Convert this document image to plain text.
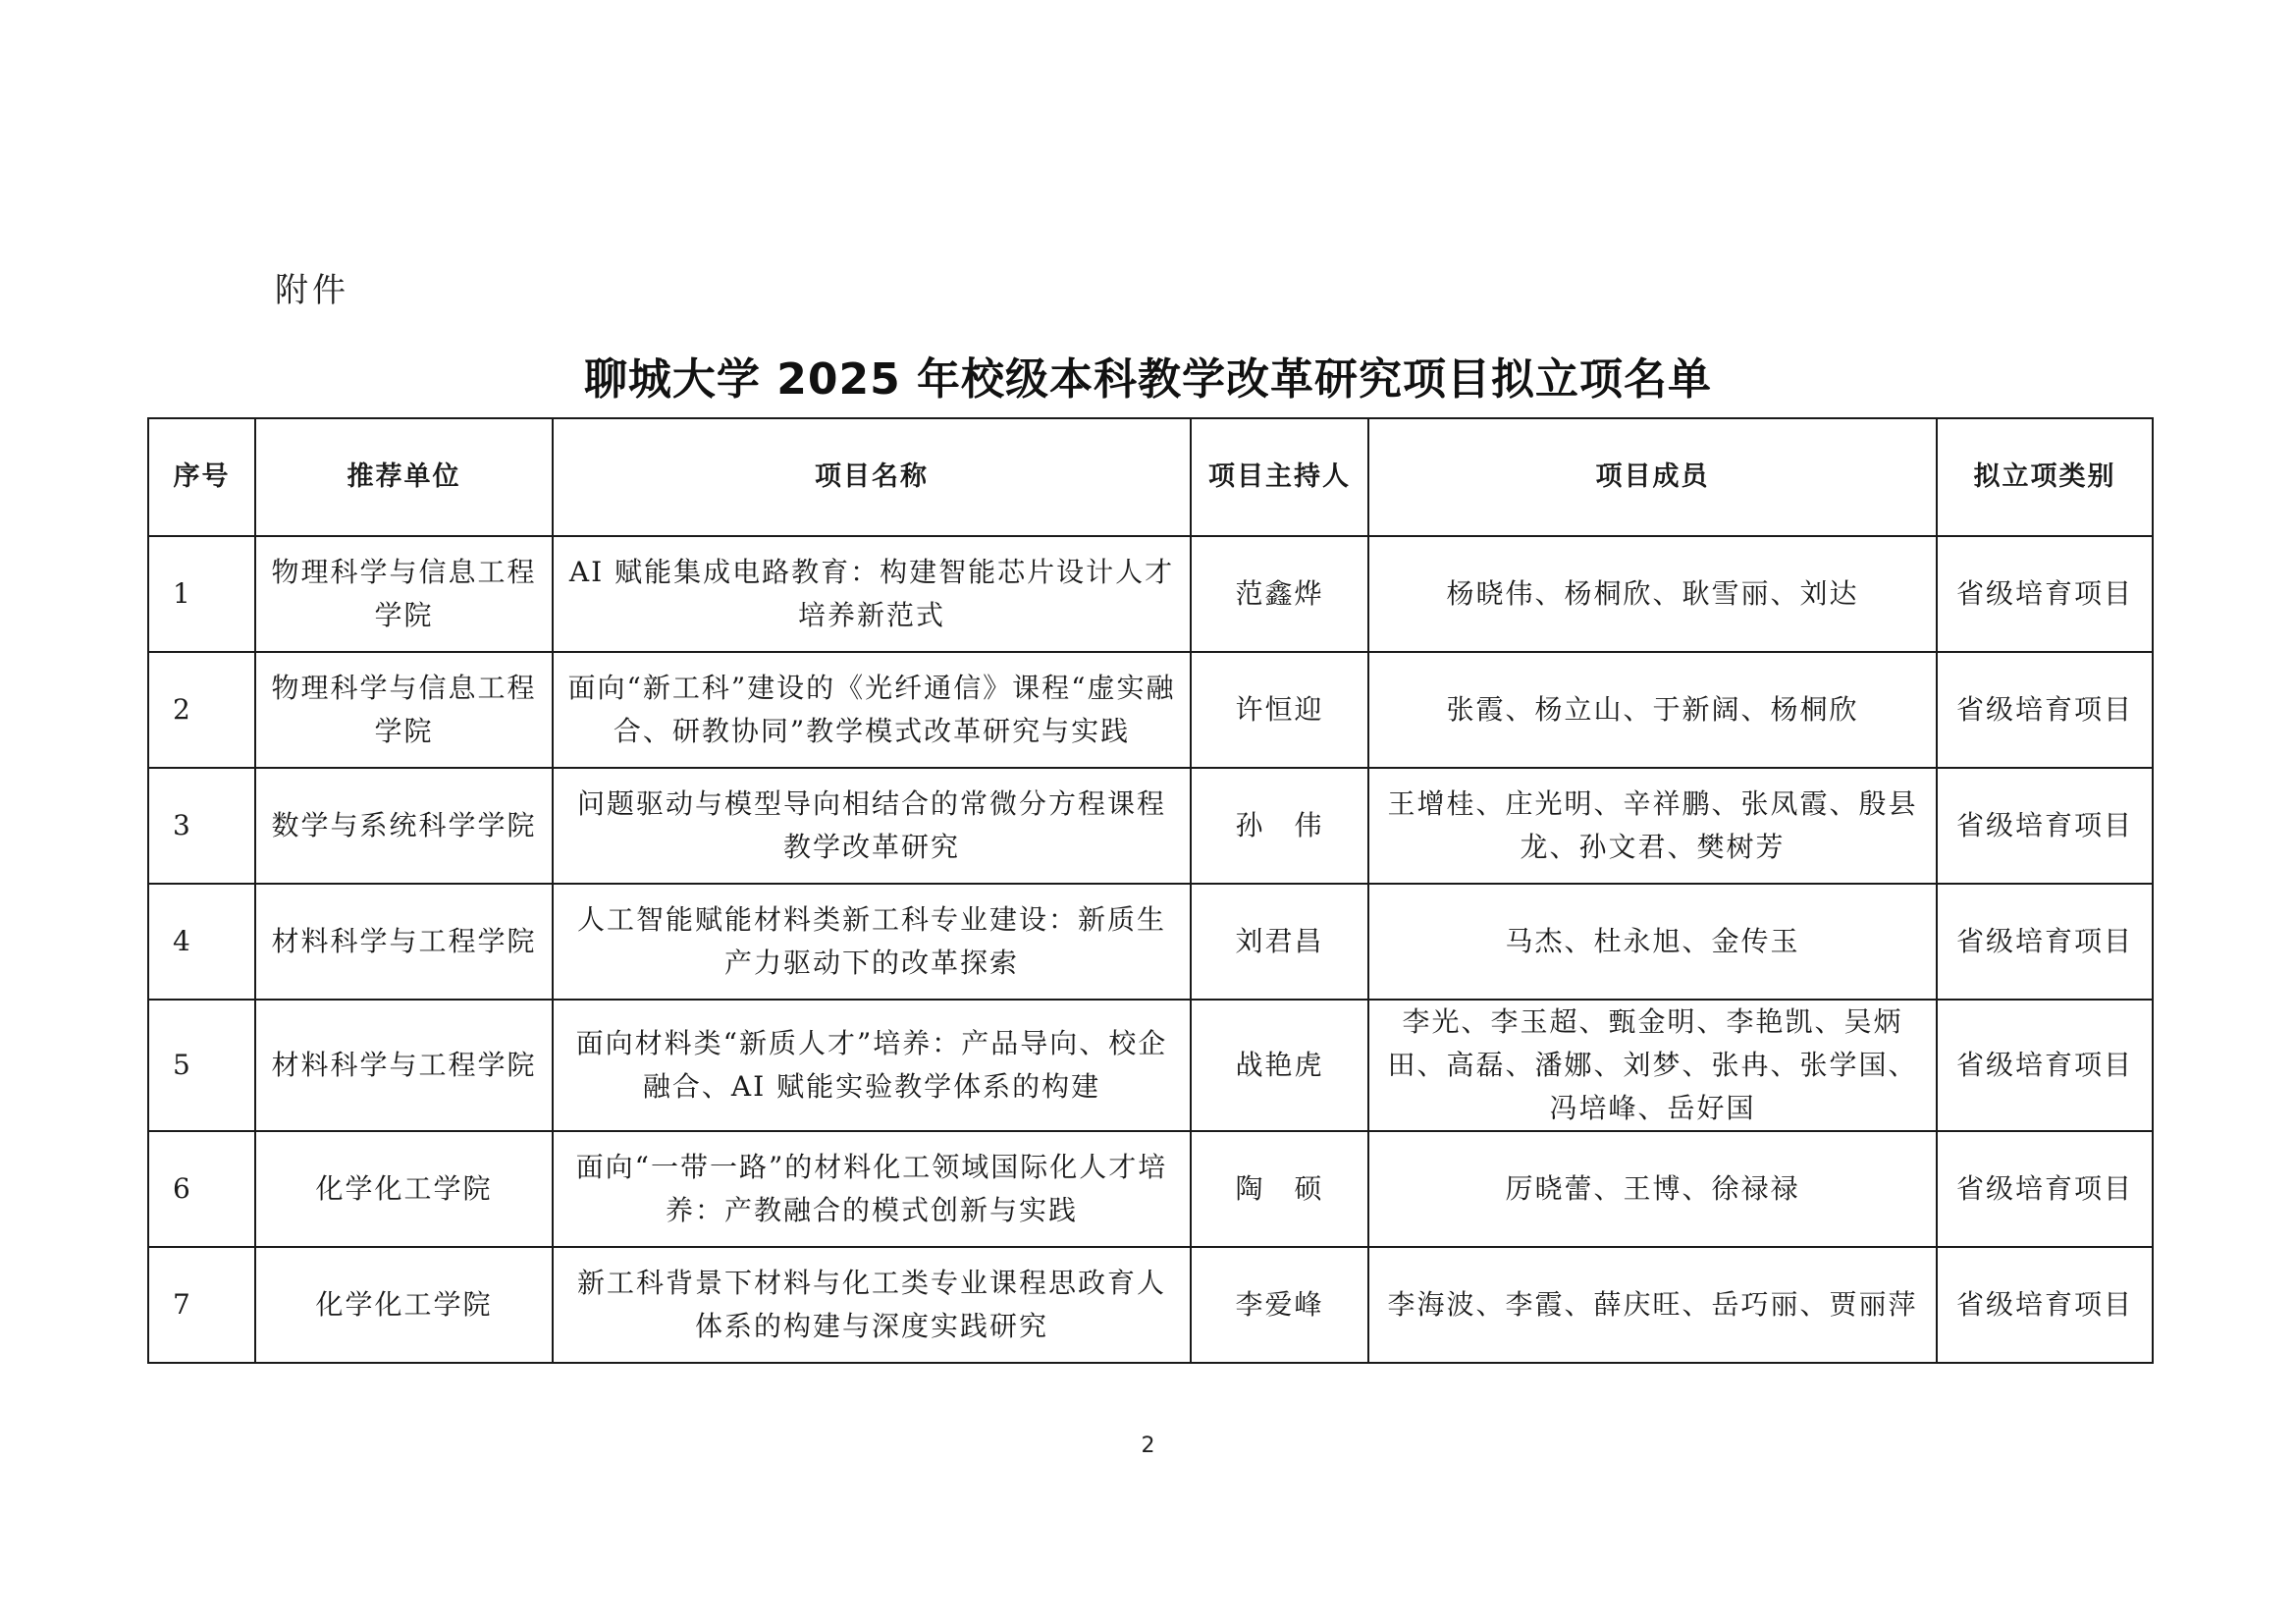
附件
聊城大学 2025 年校级本科教学改革研究项目拟立项名单
序号	推荐单位	项目名称	项目主持人	项目成员	拟立项类别
1	物理科学与信息工程学院	AI 赋能集成电路教育：构建智能芯片设计人才培养新范式	范鑫烨	杨晓伟、杨桐欣、耿雪丽、刘达	省级培育项目
2	物理科学与信息工程学院	面向“新工科”建设的《光纤通信》课程“虚实融合、研教协同”教学模式改革研究与实践	许恒迎	张霞、杨立山、于新阔、杨桐欣	省级培育项目
3	数学与系统科学学院	问题驱动与模型导向相结合的常微分方程课程教学改革研究	孙　伟	王增桂、庄光明、辛祥鹏、张凤霞、殷县龙、孙文君、樊树芳	省级培育项目
4	材料科学与工程学院	人工智能赋能材料类新工科专业建设：新质生产力驱动下的改革探索	刘君昌	马杰、杜永旭、金传玉	省级培育项目
5	材料科学与工程学院	面向材料类“新质人才”培养：产品导向、校企融合、AI 赋能实验教学体系的构建	战艳虎	李光、李玉超、甄金明、李艳凯、吴炳田、高磊、潘娜、刘梦、张冉、张学国、冯培峰、岳好国	省级培育项目
6	化学化工学院	面向“一带一路”的材料化工领域国际化人才培养：产教融合的模式创新与实践	陶　硕	厉晓蕾、王博、徐禄禄	省级培育项目
7	化学化工学院	新工科背景下材料与化工类专业课程思政育人体系的构建与深度实践研究	李爱峰	李海波、李霞、薛庆旺、岳巧丽、贾丽萍	省级培育项目
2
